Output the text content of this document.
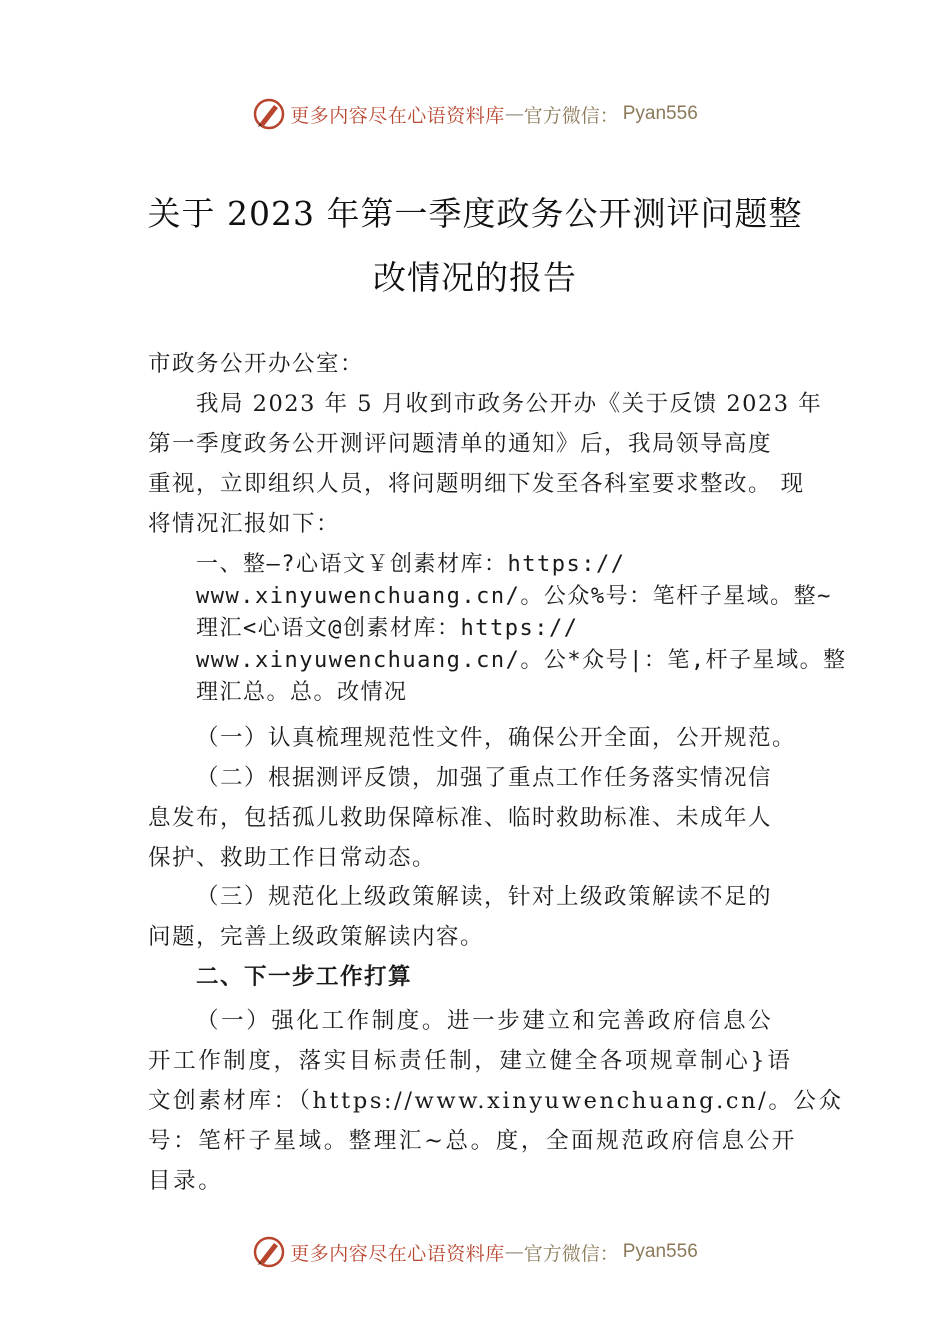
更多内容尽在心语资料库 — 官方微信： Pyan556
关于 2023 年第一季度政务公开测评问题整
改情况的报告
市政务公开办公室：
我局 2023 年 5 月收到市政务公开办《关于反馈 2023 年
第一季度政务公开测评问题清单的通知》后，我局领导高度
重视，立即组织人员，将问题明细下发至各科室要求整改。 现
将情况汇报如下：
一、整—?心语文￥创素材库：https://
www.xinyuwenchuang.cn/。公众%号：笔杆子星域。整~
理汇<心语文@创素材库：https://
www.xinyuwenchuang.cn/。公*众号|：笔,杆子星域。整
理汇总。总。改情况
（一）认真梳理规范性文件，确保公开全面，公开规范。
（二）根据测评反馈，加强了重点工作任务落实情况信
息发布，包括孤儿救助保障标准、临时救助标准、未成年人
保护、救助工作日常动态。
（三）规范化上级政策解读，针对上级政策解读不足的
问题，完善上级政策解读内容。
二、下一步工作打算
（一）强化工作制度。进一步建立和完善政府信息公
开工作制度，落实目标责任制，建立健全各项规章制心}语
文创素材库：（https://www.xinyuwenchuang.cn/。公众
号：笔杆子星域。整理汇~总。度，全面规范政府信息公开
目录。
更多内容尽在心语资料库 — 官方微信： Pyan556
